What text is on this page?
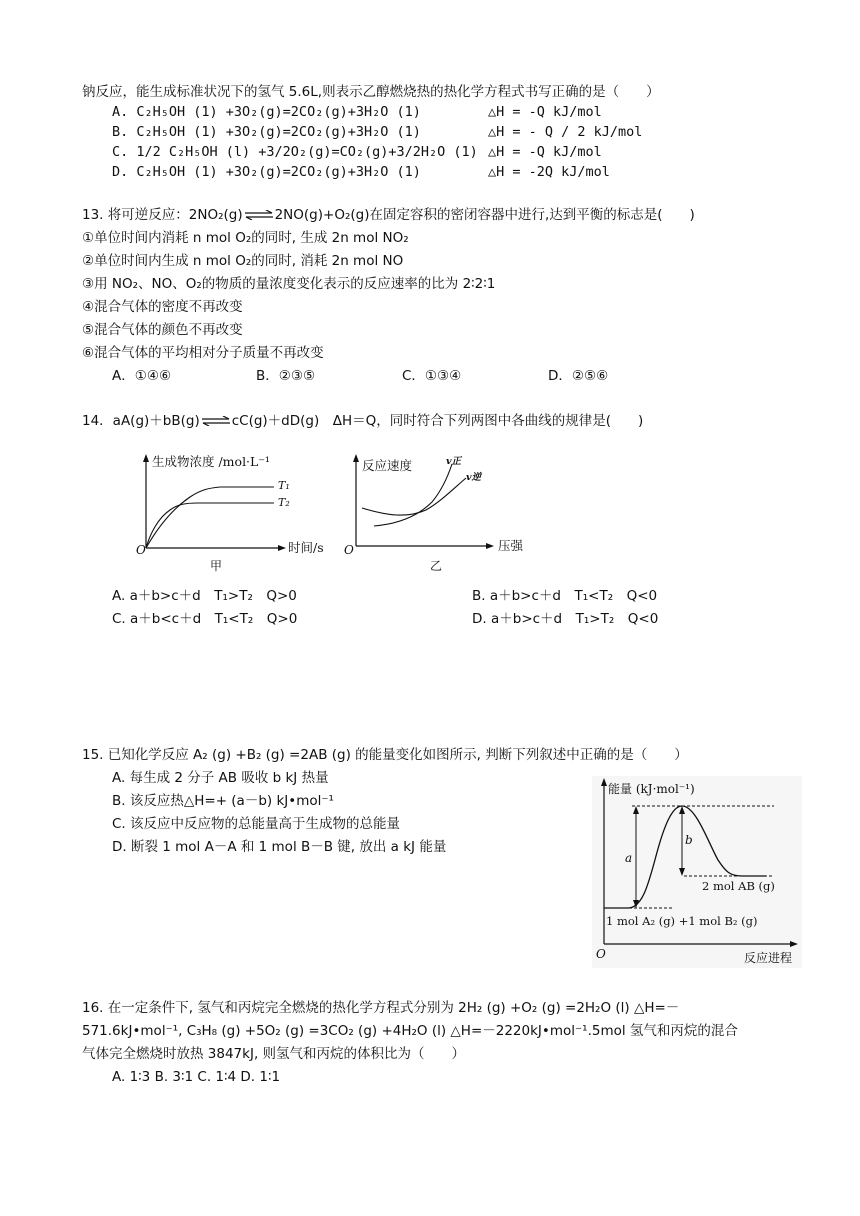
钠反应，能生成标准状况下的氢气 5.6L,则表示乙醇燃烧热的热化学方程式书写正确的是（　　）
A. C₂H₅OH (1) +3O₂(g)=2CO₂(g)+3H₂O (1)	△H = -Q kJ/mol
B. C₂H₅OH (1) +3O₂(g)=2CO₂(g)+3H₂O (1)	△H = - Q / 2 kJ/mol
C. 1/2 C₂H₅OH (l) +3/2O₂(g)=CO₂(g)+3/2H₂O (1) △H = -Q kJ/mol
D. C₂H₅OH (1) +3O₂(g)=2CO₂(g)+3H₂O (1)	△H = -2Q kJ/mol
13. 将可逆反应：2NO₂(g)⇌2NO(g)+O₂(g)在固定容积的密闭容器中进行,达到平衡的标志是(　　)
①单位时间内消耗 n mol O₂的同时, 生成 2n mol NO₂
②单位时间内生成 n mol O₂的同时, 消耗 2n mol NO
③用 NO₂、NO、O₂的物质的量浓度变化表示的反应速率的比为 2∶2∶1
④混合气体的密度不再改变
⑤混合气体的颜色不再改变
⑥混合气体的平均相对分子质量不再改变
A．①④⑥	B．②③⑤	C．①③④	D．②⑤⑥
14．aA(g)＋bB(g)⇌cC(g)＋dD(g)　ΔH＝Q，同时符合下列两图中各曲线的规律是(　　)
生成物浓度 /mol·L⁻¹
T₁
T₂
O	时间/s
甲
反应速度	v正
v逆
O	压强
乙
A. a＋b>c＋d　T₁>T₂　Q>0	B. a＋b>c＋d　T₁<T₂　Q<0
C. a＋b<c＋d　T₁<T₂　Q>0	D. a＋b>c＋d　T₁>T₂　Q<0
15. 已知化学反应 A₂ (g) +B₂ (g) =2AB (g) 的能量变化如图所示, 判断下列叙述中正确的是（　　）
A. 每生成 2 分子 AB 吸收 b kJ 热量
B. 该反应热△H=+ (a－b) kJ•mol⁻¹
C. 该反应中反应物的总能量高于生成物的总能量
D. 断裂 1 mol A－A 和 1 mol B－B 键, 放出 a kJ 能量
能量 (kJ·mol⁻¹)
a
b
2 mol AB (g)
1 mol A₂ (g) +1 mol B₂ (g)
O	反应进程
16. 在一定条件下, 氢气和丙烷完全燃烧的热化学方程式分别为 2H₂ (g) +O₂ (g) =2H₂O (l) △H=－
571.6kJ•mol⁻¹, C₃H₈ (g) +5O₂ (g) =3CO₂ (g) +4H₂O (l) △H=－2220kJ•mol⁻¹.5mol 氢气和丙烷的混合
气体完全燃烧时放热 3847kJ, 则氢气和丙烷的体积比为（　　）
A. 1∶3 B. 3∶1 C. 1∶4 D. 1∶1
